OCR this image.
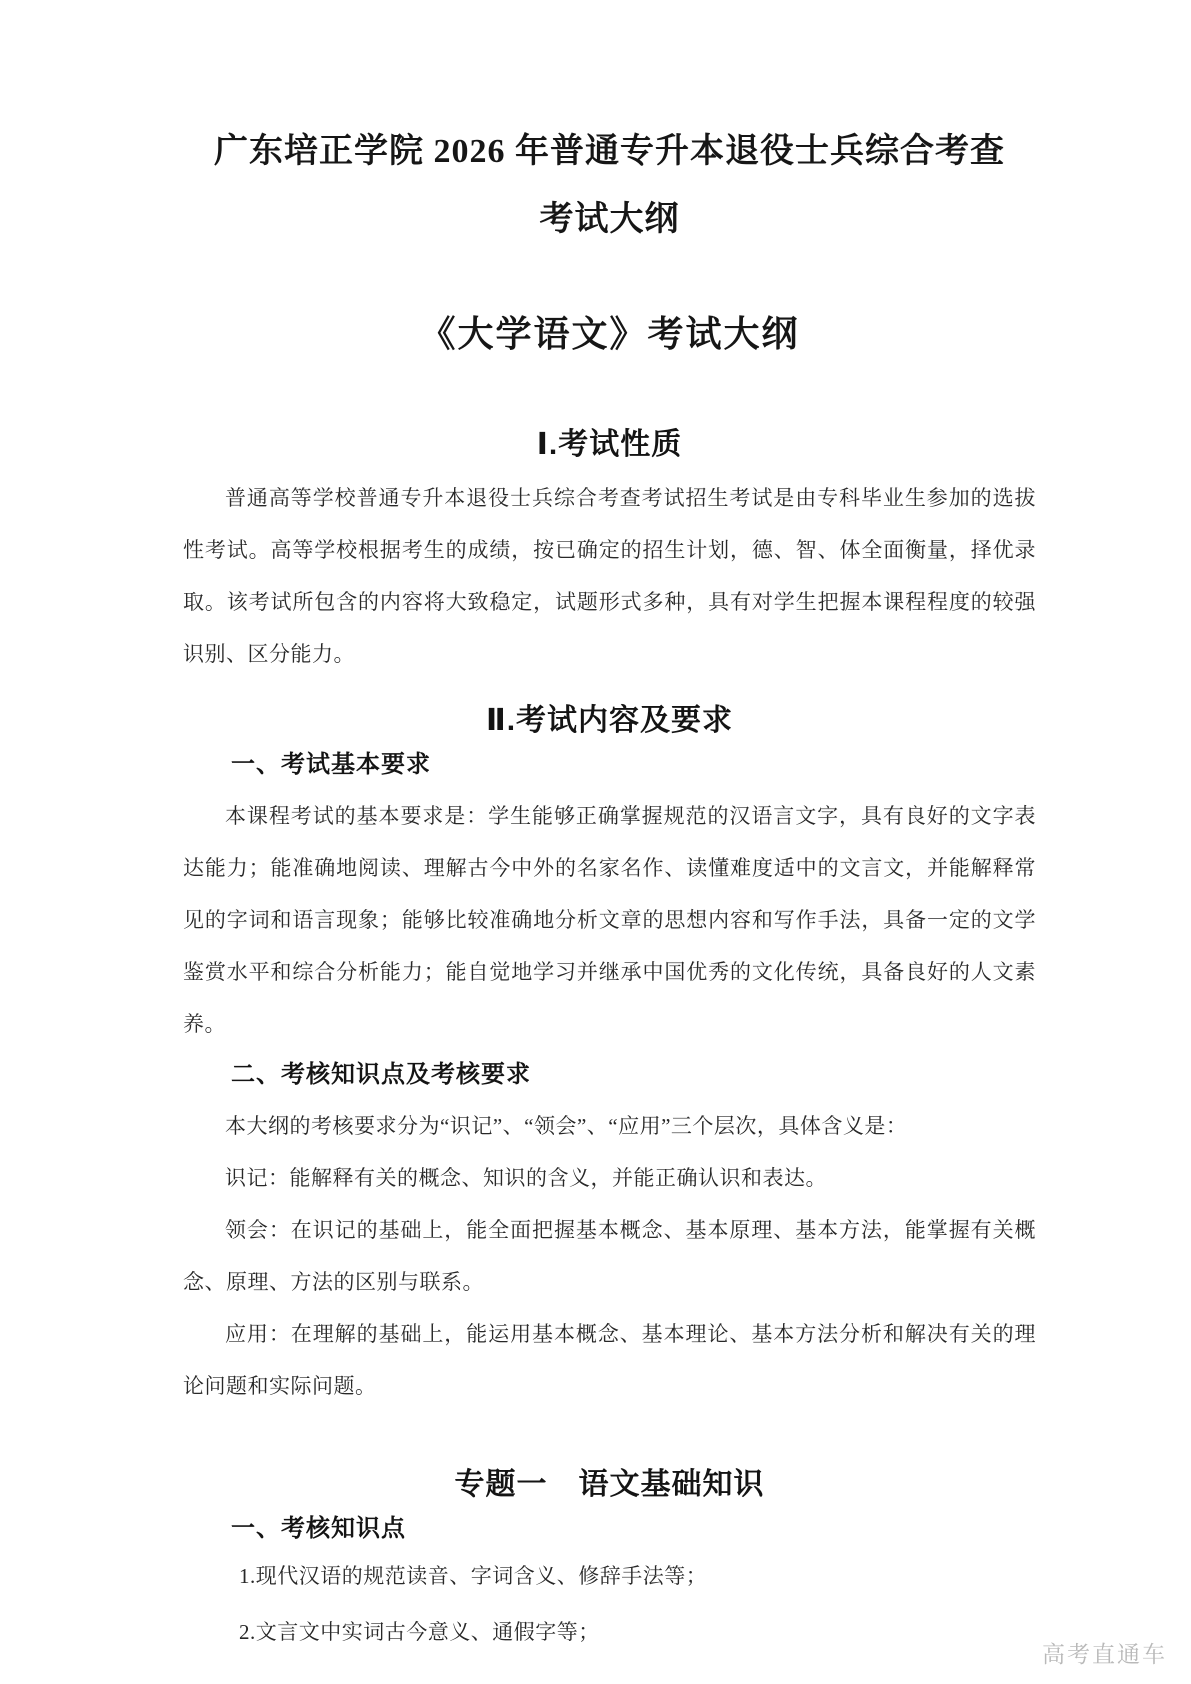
广东培正学院 2026 年普通专升本退役士兵综合考查
考试大纲
《大学语文》考试大纲
Ⅰ.考试性质

普通高等学校普通专升本退役士兵综合考查考试招生考试是由专科毕业生参加的选拔性考试。高等学校根据考生的成绩，按已确定的招生计划，德、智、体全面衡量，择优录取。该考试所包含的内容将大致稳定，试题形式多种，具有对学生把握本课程程度的较强识别、区分能力。

Ⅱ.考试内容及要求
一、考试基本要求

本课程考试的基本要求是：学生能够正确掌握规范的汉语言文字，具有良好的文字表达能力；能准确地阅读、理解古今中外的名家名作、读懂难度适中的文言文，并能解释常见的字词和语言现象；能够比较准确地分析文章的思想内容和写作手法，具备一定的文学鉴赏水平和综合分析能力；能自觉地学习并继承中国优秀的文化传统，具备良好的人文素养。

二、考核知识点及考核要求

本大纲的考核要求分为“识记”、“领会”、“应用”三个层次，具体含义是：

识记：能解释有关的概念、知识的含义，并能正确认识和表达。

领会：在识记的基础上，能全面把握基本概念、基本原理、基本方法，能掌握有关概念、原理、方法的区别与联系。

应用：在理解的基础上，能运用基本概念、基本理论、基本方法分析和解决有关的理论问题和实际问题。

专题一　语文基础知识
一、考核知识点

1.现代汉语的规范读音、字词含义、修辞手法等；

2.文言文中实词古今意义、通假字等；

高考直通车
